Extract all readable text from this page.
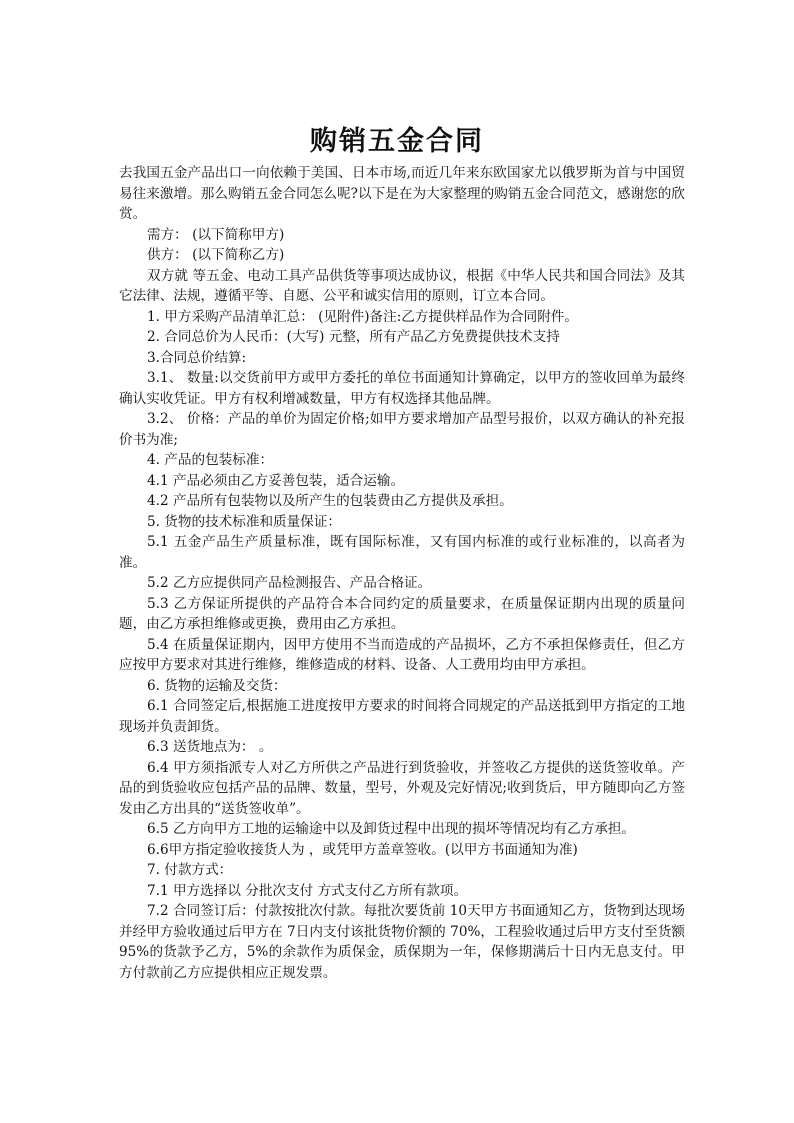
购销五金合同

去我国五金产品出口一向依赖于美国、日本市场,而近几年来东欧国家尤以俄罗斯为首与中国贸易往来激增。那么购销五金合同怎么呢?以下是在为大家整理的购销五金合同范文，感谢您的欣赏。

需方： (以下简称甲方)

供方： (以下简称乙方)

双方就 等五金、电动工具产品供货等事项达成协议，根据《中华人民共和国合同法》及其它法律、法规，遵循平等、自愿、公平和诚实信用的原则，订立本合同。

1. 甲方采购产品清单汇总： (见附件)备注:乙方提供样品作为合同附件。

2. 合同总价为人民币：(大写) 元整，所有产品乙方免费提供技术支持

3.合同总价结算:

3.1、 数量:以交货前甲方或甲方委托的单位书面通知计算确定，以甲方的签收回单为最终确认实收凭证。甲方有权利增减数量，甲方有权选择其他品牌。

3.2、 价格：产品的单价为固定价格;如甲方要求增加产品型号报价，以双方确认的补充报价书为准;

4. 产品的包装标准：

4.1 产品必须由乙方妥善包装，适合运输。

4.2 产品所有包装物以及所产生的包装费由乙方提供及承担。

5. 货物的技术标准和质量保证：

5.1 五金产品生产质量标准，既有国际标准，又有国内标准的或行业标准的，以高者为准。

5.2 乙方应提供同产品检测报告、产品合格证。

5.3 乙方保证所提供的产品符合本合同约定的质量要求，在质量保证期内出现的质量问题，由乙方承担维修或更换，费用由乙方承担。

5.4 在质量保证期内，因甲方使用不当而造成的产品损坏，乙方不承担保修责任，但乙方应按甲方要求对其进行维修，维修造成的材料、设备、人工费用均由甲方承担。

6. 货物的运输及交货：

6.1 合同签定后,根据施工进度按甲方要求的时间将合同规定的产品送抵到甲方指定的工地现场并负责卸货。

6.3 送货地点为： 。

6.4 甲方须指派专人对乙方所供之产品进行到货验收，并签收乙方提供的送货签收单。产品的到货验收应包括产品的品牌、数量，型号，外观及完好情况;收到货后，甲方随即向乙方签发由乙方出具的“送货签收单”。

6.5 乙方向甲方工地的运输途中以及卸货过程中出现的损坏等情况均有乙方承担。

6.6甲方指定验收接货人为 ，或凭甲方盖章签收。(以甲方书面通知为准)

7. 付款方式：

7.1 甲方选择以 分批次支付 方式支付乙方所有款项。

7.2 合同签订后：付款按批次付款。每批次要货前 10天甲方书面通知乙方，货物到达现场并经甲方验收通过后甲方在 7日内支付该批货物价额的 70%，工程验收通过后甲方支付至货额 95%的货款予乙方，5%的余款作为质保金，质保期为一年，保修期满后十日内无息支付。甲方付款前乙方应提供相应正规发票。
